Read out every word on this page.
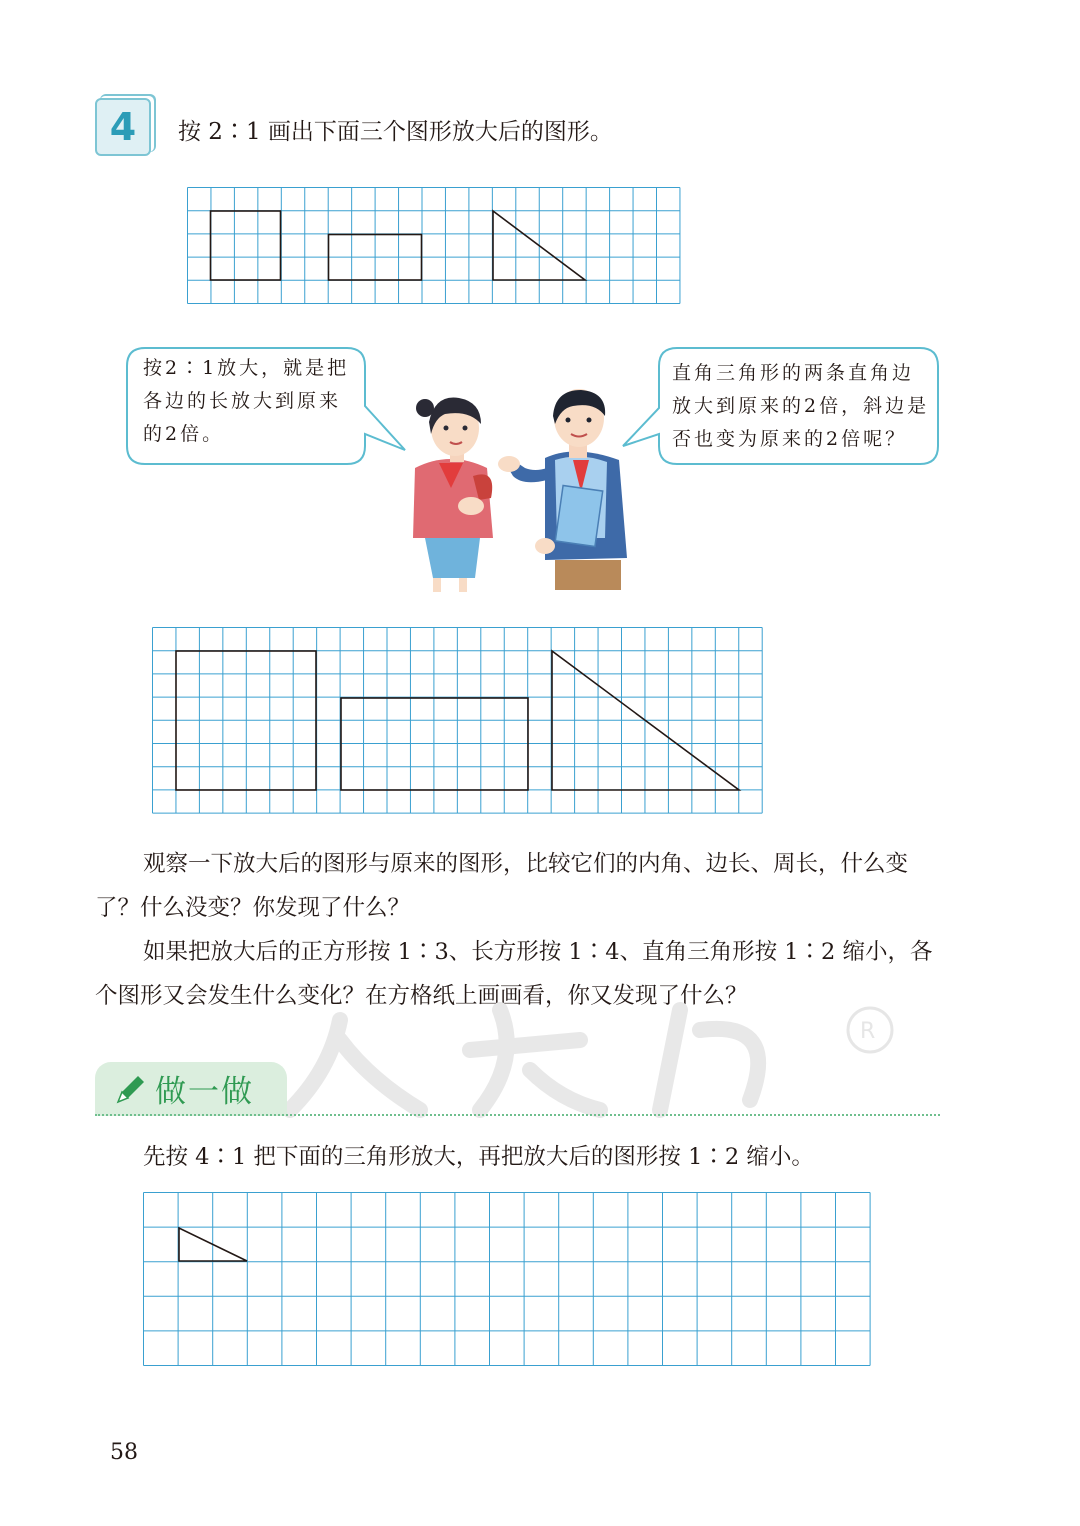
4	按 2∶1 画出下面三个图形放大后的图形。
按2∶1放大，就是把
各边的长放大到原来
的2倍。
直角三角形的两条直角边
放大到原来的2倍，斜边是
否也变为原来的2倍呢？
观察一下放大后的图形与原来的图形，比较它们的内角、边长、周长，什么变了？什么没变？你发现了什么？
如果把放大后的正方形按 1∶3、长方形按 1∶4、直角三角形按 1∶2 缩小，各个图形又会发生什么变化？在方格纸上画画看，你又发现了什么？
R
做一做
先按 4∶1 把下面的三角形放大，再把放大后的图形按 1∶2 缩小。
58
